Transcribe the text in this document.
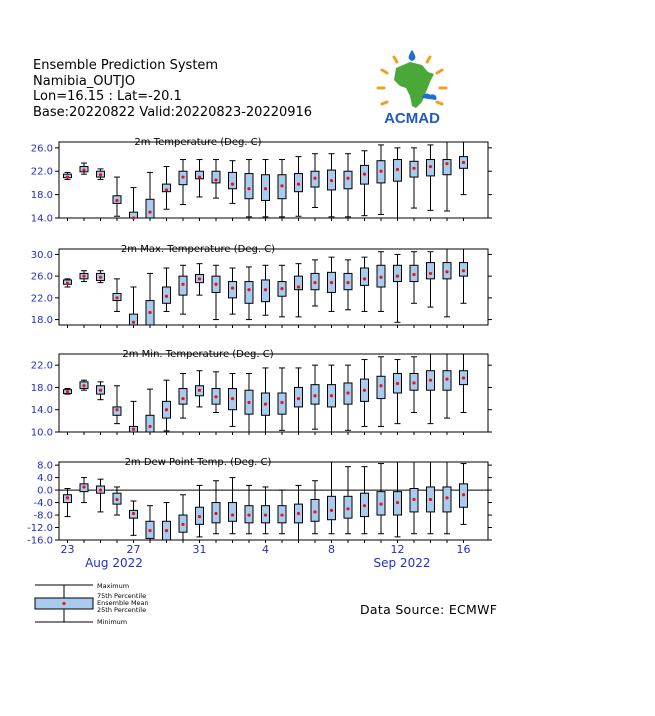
Ensemble Prediction System
Namibia_OUTJO
Lon=16.15 : Lat=-20.1
Base:20220822 Valid:20220823-20220916	ACMAD
2m Temperature (Deg. C)
26.0
22.0
18.0
14.0
2m Max. Temperature (Deg. C)
30.0
26.0
22.0
18.0
2m Min. Temperature (Deg. C)
22.0
18.0
14.0
10.0
2m Dew Point Temp. (Deg. C)
8.0
4.0
0.0
-4.0
-8.0
-12.0
-16.0
23	27	31	4	8	12	16
Aug 2022	Sep 2022
Maximum
75th Percentile
Ensemble Mean
25th Percentile
Minimum
Data Source: ECMWF
